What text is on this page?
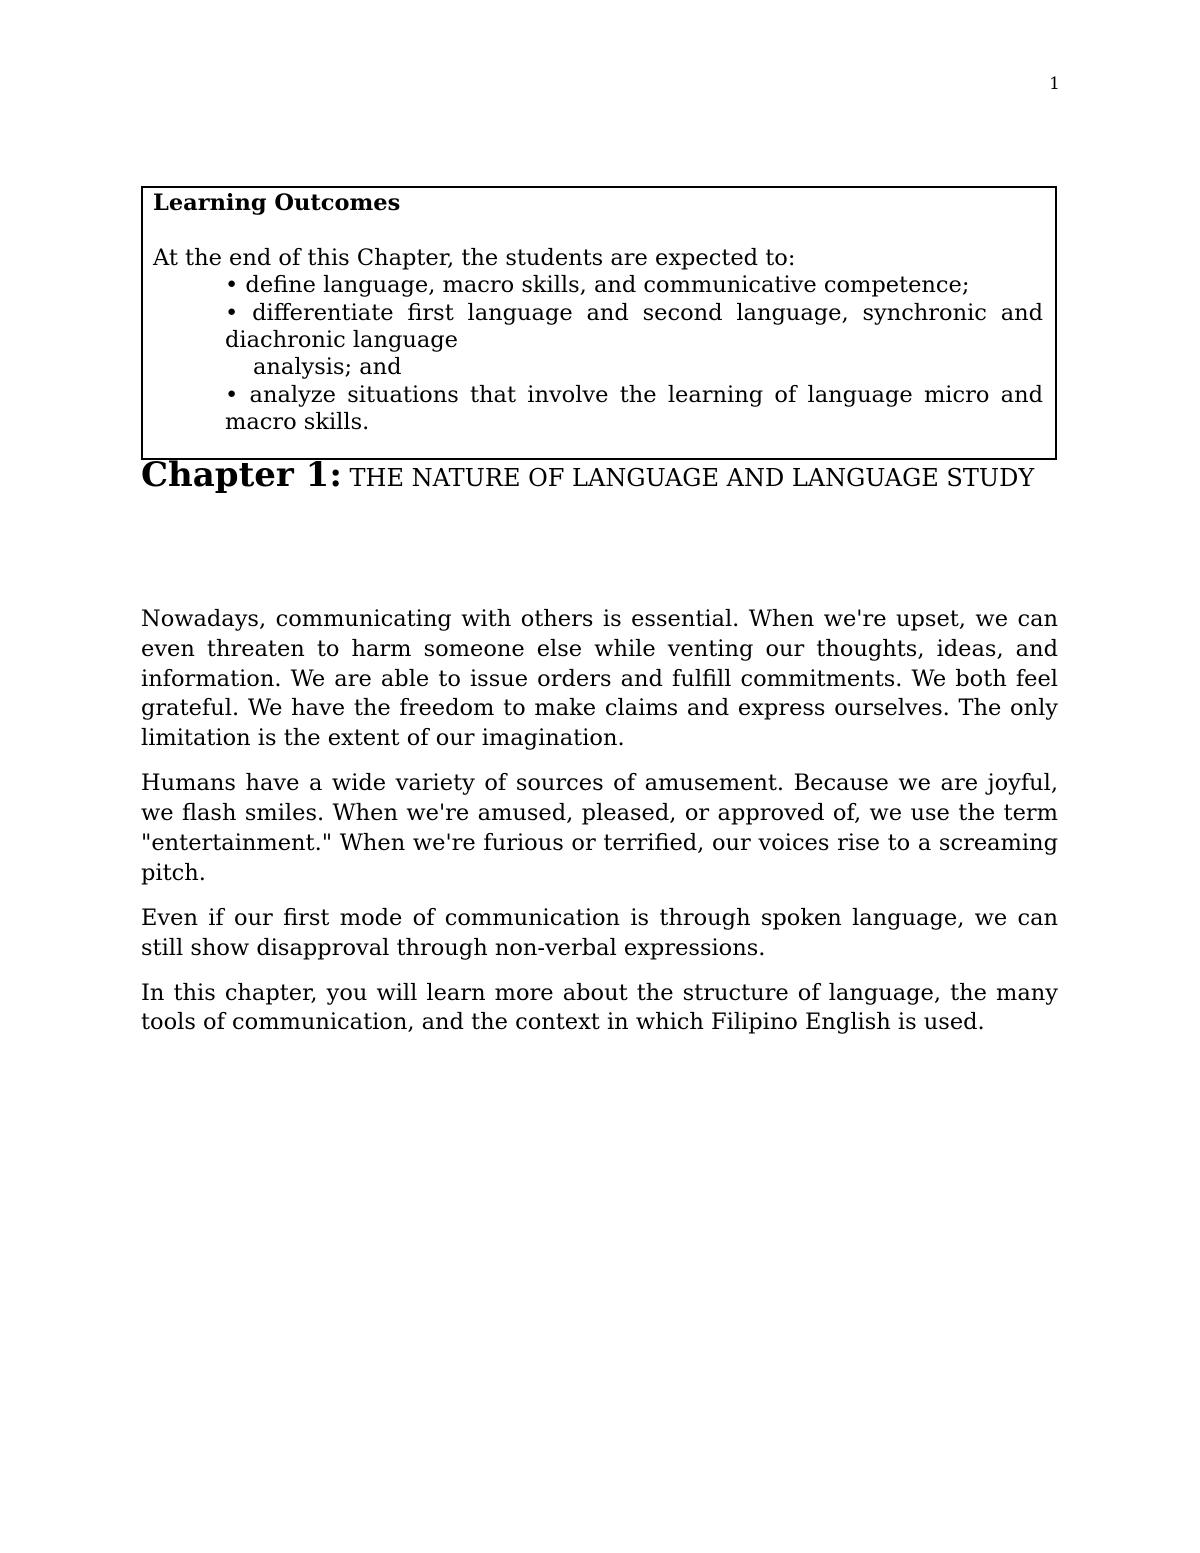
1

Learning Outcomes

At the end of this Chapter, the students are expected to:

• define language, macro skills, and communicative competence;
• differentiate first language and second language, synchronic and diachronic language
analysis; and
• analyze situations that involve the learning of language micro and macro skills.
Chapter 1: THE NATURE OF LANGUAGE AND LANGUAGE STUDY

Nowadays, communicating with others is essential. When we're upset, we can even threaten to harm someone else while venting our thoughts, ideas, and information. We are able to issue orders and fulfill commitments. We both feel grateful. We have the freedom to make claims and express ourselves. The only limitation is the extent of our imagination.

Humans have a wide variety of sources of amusement. Because we are joyful, we flash smiles. When we're amused, pleased, or approved of, we use the term "entertainment." When we're furious or terrified, our voices rise to a screaming pitch.

Even if our first mode of communication is through spoken language, we can still show disapproval through non-verbal expressions.

In this chapter, you will learn more about the structure of language, the many tools of communication, and the context in which Filipino English is used.
